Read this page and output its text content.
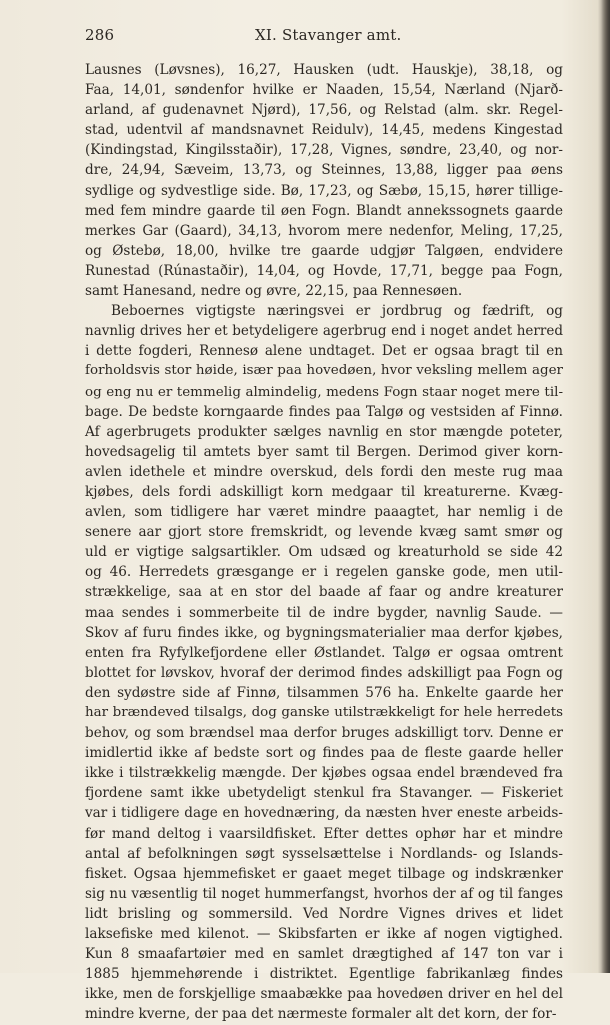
286	XI. Stavanger amt.
Lausnes (Løvsnes), 16,27, Hausken (udt. Hauskje), 38,18, og
Faa, 14,01, søndenfor hvilke er Naaden, 15,54, Nærland (Njarð-
arland, af gudenavnet Njørd), 17,56, og Relstad (alm. skr. Regel-
stad, udentvil af mandsnavnet Reidulv), 14,45, medens Kingestad
(Kindingstad, Kingilsstaðir), 17,28, Vignes, søndre, 23,40, og nor-
dre, 24,94, Sæveim, 13,73, og Steinnes, 13,88, ligger paa øens
sydlige og sydvestlige side. Bø, 17,23, og Sæbø, 15,15, hører tillige-
med fem mindre gaarde til øen Fogn. Blandt annekssognets gaarde
merkes Gar (Gaard), 34,13, hvorom mere nedenfor, Meling, 17,25,
og Østebø, 18,00, hvilke tre gaarde udgjør Talgøen, endvidere
Runestad (Rúnastaðir), 14,04, og Hovde, 17,71, begge paa Fogn,
samt Hanesand, nedre og øvre, 22,15, paa Rennesøen.
Beboernes vigtigste næringsvei er jordbrug og fædrift, og
navnlig drives her et betydeligere agerbrug end i noget andet herred
i dette fogderi, Rennesø alene undtaget. Det er ogsaa bragt til en
forholdsvis stor høide, især paa hovedøen, hvor veksling mellem ager
og eng nu er temmelig almindelig, medens Fogn staar noget mere til-
bage. De bedste korngaarde findes paa Talgø og vestsiden af Finnø.
Af agerbrugets produkter sælges navnlig en stor mængde poteter,
hovedsagelig til amtets byer samt til Bergen. Derimod giver korn-
avlen idethele et mindre overskud, dels fordi den meste rug maa
kjøbes, dels fordi adskilligt korn medgaar til kreaturerne. Kvæg-
avlen, som tidligere har været mindre paaagtet, har nemlig i de
senere aar gjort store fremskridt, og levende kvæg samt smør og
uld er vigtige salgsartikler. Om udsæd og kreaturhold se side 42
og 46. Herredets græsgange er i regelen ganske gode, men util-
strækkelige, saa at en stor del baade af faar og andre kreaturer
maa sendes i sommerbeite til de indre bygder, navnlig Saude. —
Skov af furu findes ikke, og bygningsmaterialier maa derfor kjøbes,
enten fra Ryfylkefjordene eller Østlandet. Talgø er ogsaa omtrent
blottet for løvskov, hvoraf der derimod findes adskilligt paa Fogn og
den sydøstre side af Finnø, tilsammen 576 ha. Enkelte gaarde her
har brændeved tilsalgs, dog ganske utilstrækkeligt for hele herredets
behov, og som brændsel maa derfor bruges adskilligt torv. Denne er
imidlertid ikke af bedste sort og findes paa de fleste gaarde heller
ikke i tilstrækkelig mængde. Der kjøbes ogsaa endel brændeved fra
fjordene samt ikke ubetydeligt stenkul fra Stavanger. — Fiskeriet
var i tidligere dage en hovednæring, da næsten hver eneste arbeids-
før mand deltog i vaarsildfisket. Efter dettes ophør har et mindre
antal af befolkningen søgt sysselsættelse i Nordlands- og Islands-
fisket. Ogsaa hjemmefisket er gaaet meget tilbage og indskrænker
sig nu væsentlig til noget hummerfangst, hvorhos der af og til fanges
lidt brisling og sommersild. Ved Nordre Vignes drives et lidet
laksefiske med kilenot. — Skibsfarten er ikke af nogen vigtighed.
Kun 8 smaafartøier med en samlet drægtighed af 147 ton var i
1885 hjemmehørende i distriktet. Egentlige fabrikanlæg findes
ikke, men de forskjellige smaabække paa hovedøen driver en hel del
mindre kverne, der paa det nærmeste formaler alt det korn, der for-
